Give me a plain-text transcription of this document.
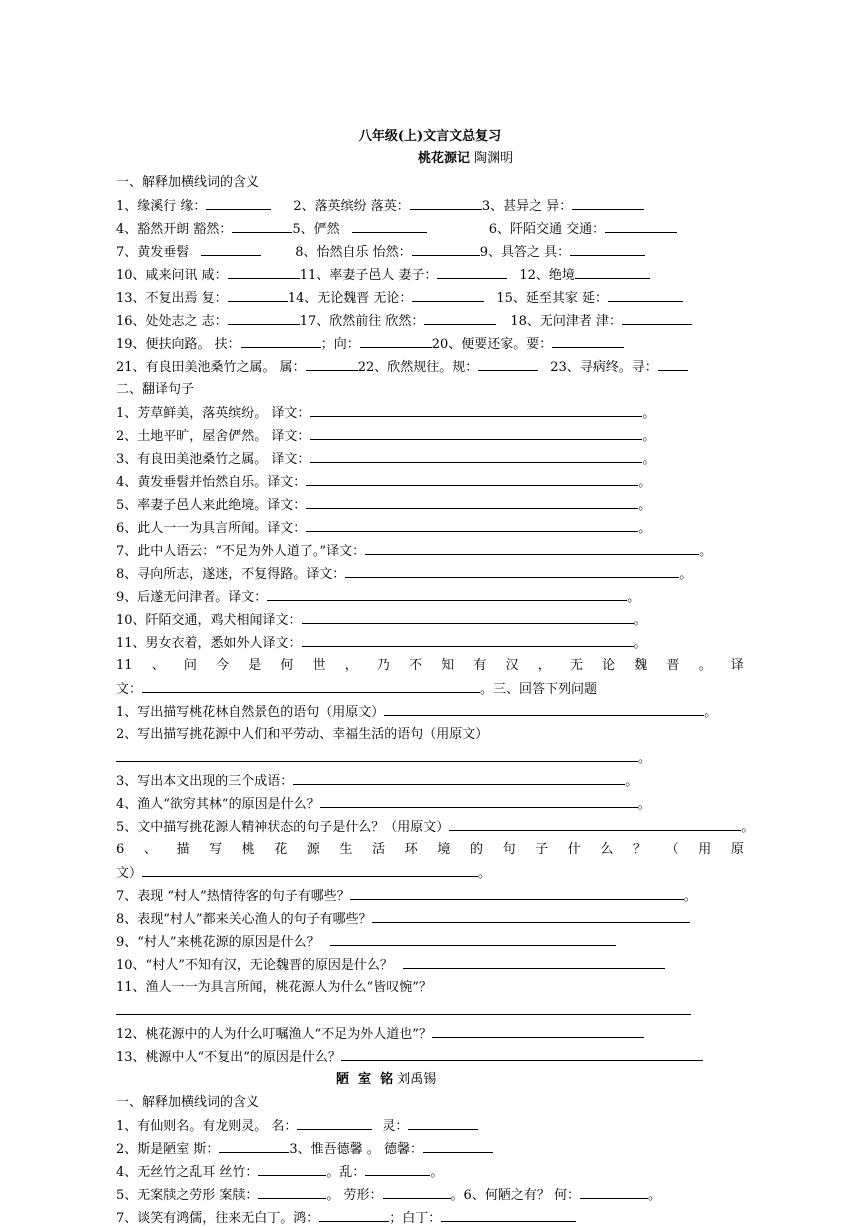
八年级(上)文言文总复习
桃花源记 陶渊明
一、解释加横线词的含义
1、缘溪行 缘：	2、落英缤纷 落英：	3、甚异之 异：
4、豁然开朗 豁然：	5、俨然	6、阡陌交通 交通：
7、黄发垂髫	8、怡然自乐 怡然：	9、具答之 具：
10、咸来问讯 咸：	11、率妻子邑人 妻子：	12、绝境
13、不复出焉 复：	14、无论魏晋 无论：	15、延至其家 延：
16、处处志之 志：	17、欣然前往 欣然：	18、无问津者 津：
19、便扶向路。 扶：	；向：	20、便要还家。要：
21、有良田美池桑竹之属。 属：	22、欣然规往。规：	23、寻病终。寻：
二、翻译句子
1、芳草鲜美，落英缤纷。 译文：	。
2、土地平旷，屋舍俨然。 译文：	。
3、有良田美池桑竹之属。 译文：	。
4、黄发垂髫并怡然自乐。译文：	。
5、率妻子邑人来此绝境。译文：	。
6、此人一一为具言所闻。译文：	。
7、此中人语云：“不足为外人道了。”译文：	。
8、寻向所志，遂迷，不复得路。译文：	。
9、后遂无问津者。译文：	。
10、阡陌交通，鸡犬相闻译文：	。
11、男女衣着，悉如外人译文：	。
11 、 问 今 是 何 世 ， 乃 不 知 有 汉 ， 无 论 魏 晋 。 译
文：	。三、回答下列问题
1、写出描写桃花林自然景色的语句（用原文）	。
2、写出描写挑花源中人们和平劳动、幸福生活的语句（用原文）
。
3、写出本文出现的三个成语：	。
4、渔人“欲穷其林”的原因是什么？	。
5、文中描写挑花源人精神状态的句子是什么？（用原文）	。
6 、 描 写 桃 花 源 生 活 环 境 的 句 子 什 么 ？ （ 用 原
文）	。
7、表现 “村人”热情待客的句子有哪些？	。
8、表现“村人”都来关心渔人的句子有哪些？
9、“村人”来桃花源的原因是什么？
10、“村人”不知有汉，无论魏晋的原因是什么？
11、渔人一一为具言所闻，桃花源人为什么“皆叹惋”？
12、桃花源中的人为什么叮嘱渔人“不足为外人道也”？
13、桃源中人“不复出”的原因是什么？
陋  室  铭 刘禹锡
一、解释加横线词的含义
1、有仙则名。有龙则灵。 名：	灵：
2、斯是陋室 斯：	3、惟吾德馨 。 德馨：
4、无丝竹之乱耳 丝竹：	。乱：	。
5、无案牍之劳形 案牍：	。 劳形：	。6、何陋之有？ 何：	。
7、谈笑有鸿儒，往来无白丁。鸿：	；白丁：
